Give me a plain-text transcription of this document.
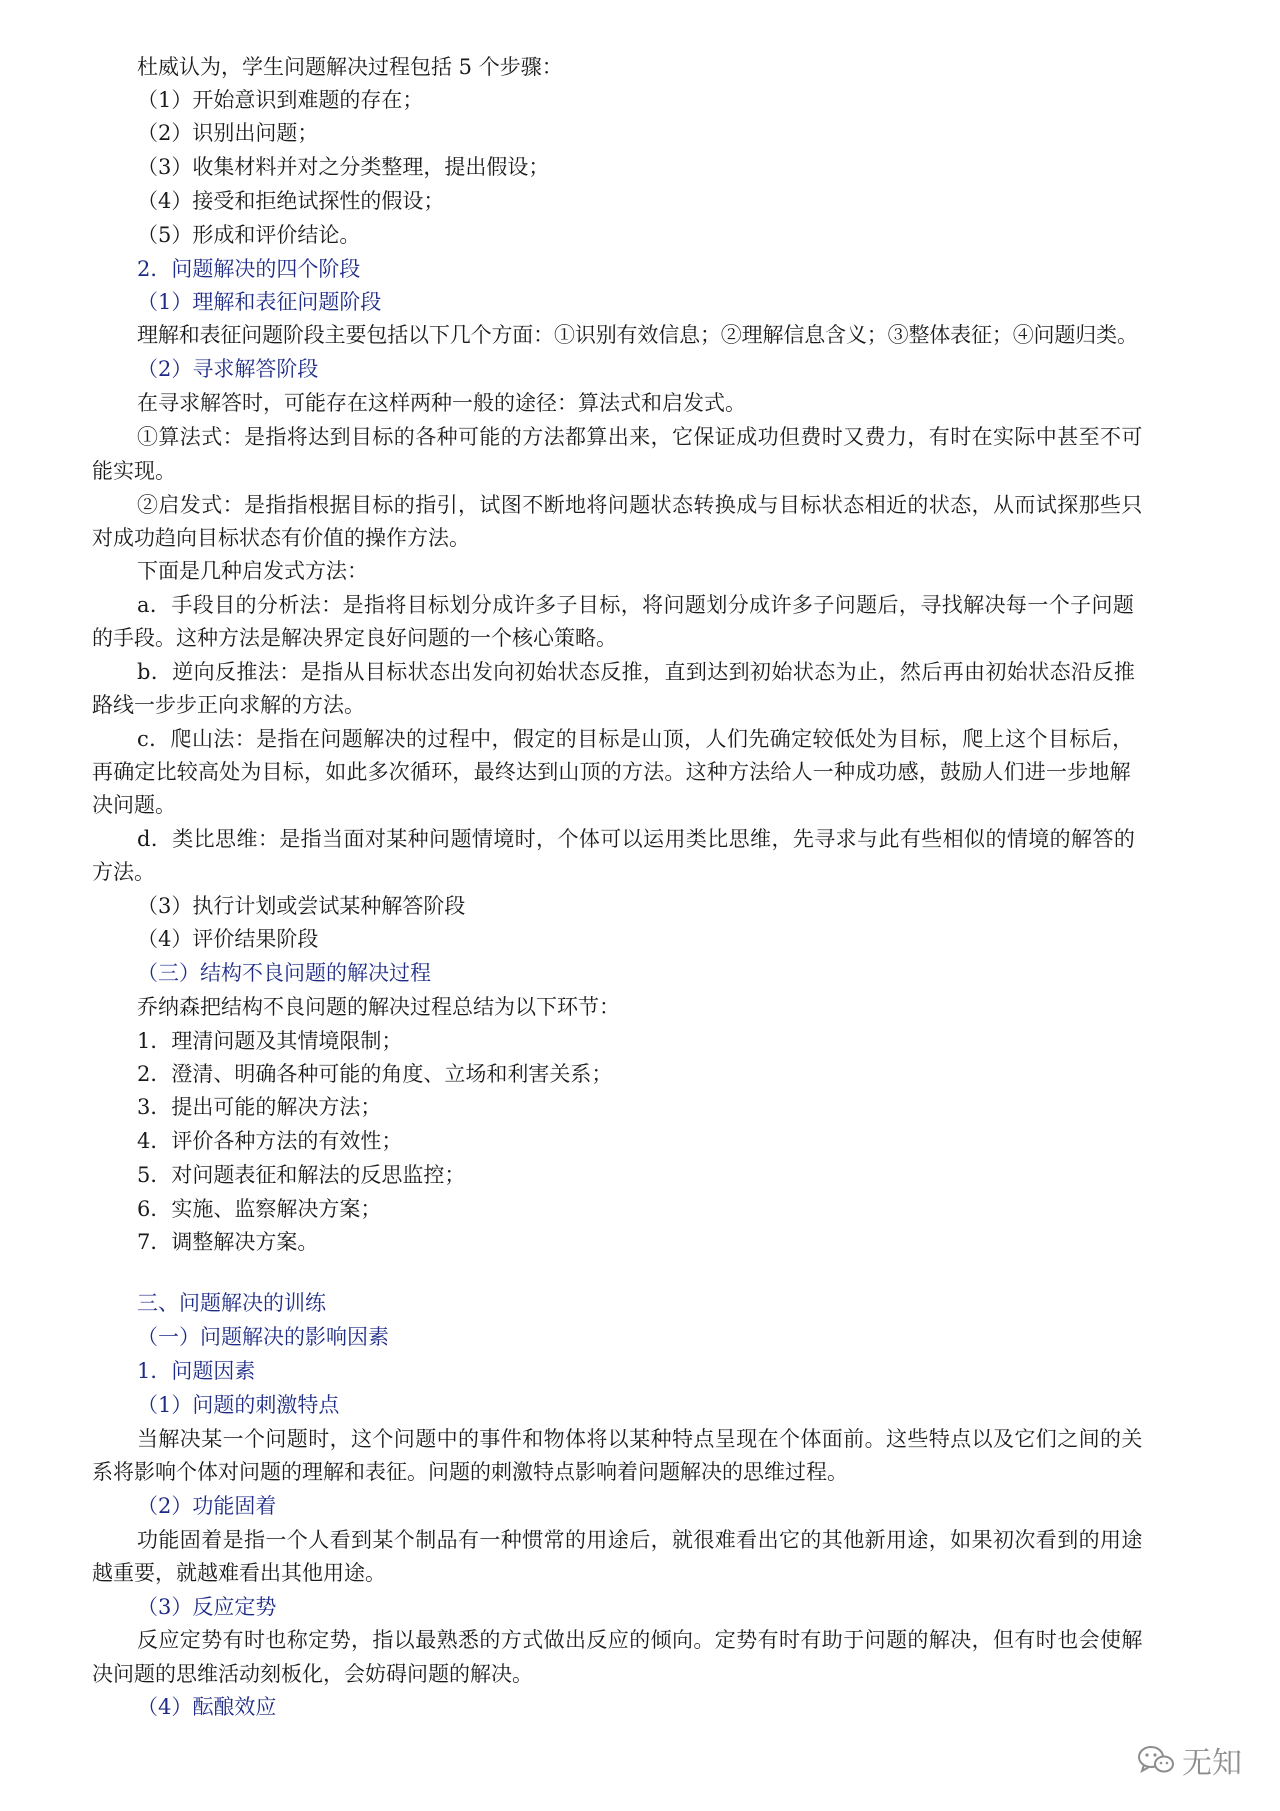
杜威认为，学生问题解决过程包括 5 个步骤：
（1）开始意识到难题的存在；
（2）识别出问题；
（3）收集材料并对之分类整理，提出假设；
（4）接受和拒绝试探性的假设；
（5）形成和评价结论。
2．问题解决的四个阶段
（1）理解和表征问题阶段
理解和表征问题阶段主要包括以下几个方面：①识别有效信息；②理解信息含义；③整体表征；④问题归类。
（2）寻求解答阶段
在寻求解答时，可能存在这样两种一般的途径：算法式和启发式。
①算法式：是指将达到目标的各种可能的方法都算出来，它保证成功但费时又费力，有时在实际中甚至不可
能实现。
②启发式：是指指根据目标的指引，试图不断地将问题状态转换成与目标状态相近的状态，从而试探那些只
对成功趋向目标状态有价值的操作方法。
下面是几种启发式方法：
a．手段目的分析法：是指将目标划分成许多子目标，将问题划分成许多子问题后，寻找解决每一个子问题
的手段。这种方法是解决界定良好问题的一个核心策略。
b．逆向反推法：是指从目标状态出发向初始状态反推，直到达到初始状态为止，然后再由初始状态沿反推
路线一步步正向求解的方法。
c．爬山法：是指在问题解决的过程中，假定的目标是山顶，人们先确定较低处为目标，爬上这个目标后，
再确定比较高处为目标，如此多次循环，最终达到山顶的方法。这种方法给人一种成功感，鼓励人们进一步地解
决问题。
d．类比思维：是指当面对某种问题情境时，个体可以运用类比思维，先寻求与此有些相似的情境的解答的
方法。
（3）执行计划或尝试某种解答阶段
（4）评价结果阶段
（三）结构不良问题的解决过程
乔纳森把结构不良问题的解决过程总结为以下环节：
1．理清问题及其情境限制；
2．澄清、明确各种可能的角度、立场和利害关系；
3．提出可能的解决方法；
4．评价各种方法的有效性；
5．对问题表征和解法的反思监控；
6．实施、监察解决方案；
7．调整解决方案。
三、问题解决的训练
（一）问题解决的影响因素
1．问题因素
（1）问题的刺激特点
当解决某一个问题时，这个问题中的事件和物体将以某种特点呈现在个体面前。这些特点以及它们之间的关
系将影响个体对问题的理解和表征。问题的刺激特点影响着问题解决的思维过程。
（2）功能固着
功能固着是指一个人看到某个制品有一种惯常的用途后，就很难看出它的其他新用途，如果初次看到的用途
越重要，就越难看出其他用途。
（3）反应定势
反应定势有时也称定势，指以最熟悉的方式做出反应的倾向。定势有时有助于问题的解决，但有时也会使解
决问题的思维活动刻板化，会妨碍问题的解决。
（4）酝酿效应
无知
